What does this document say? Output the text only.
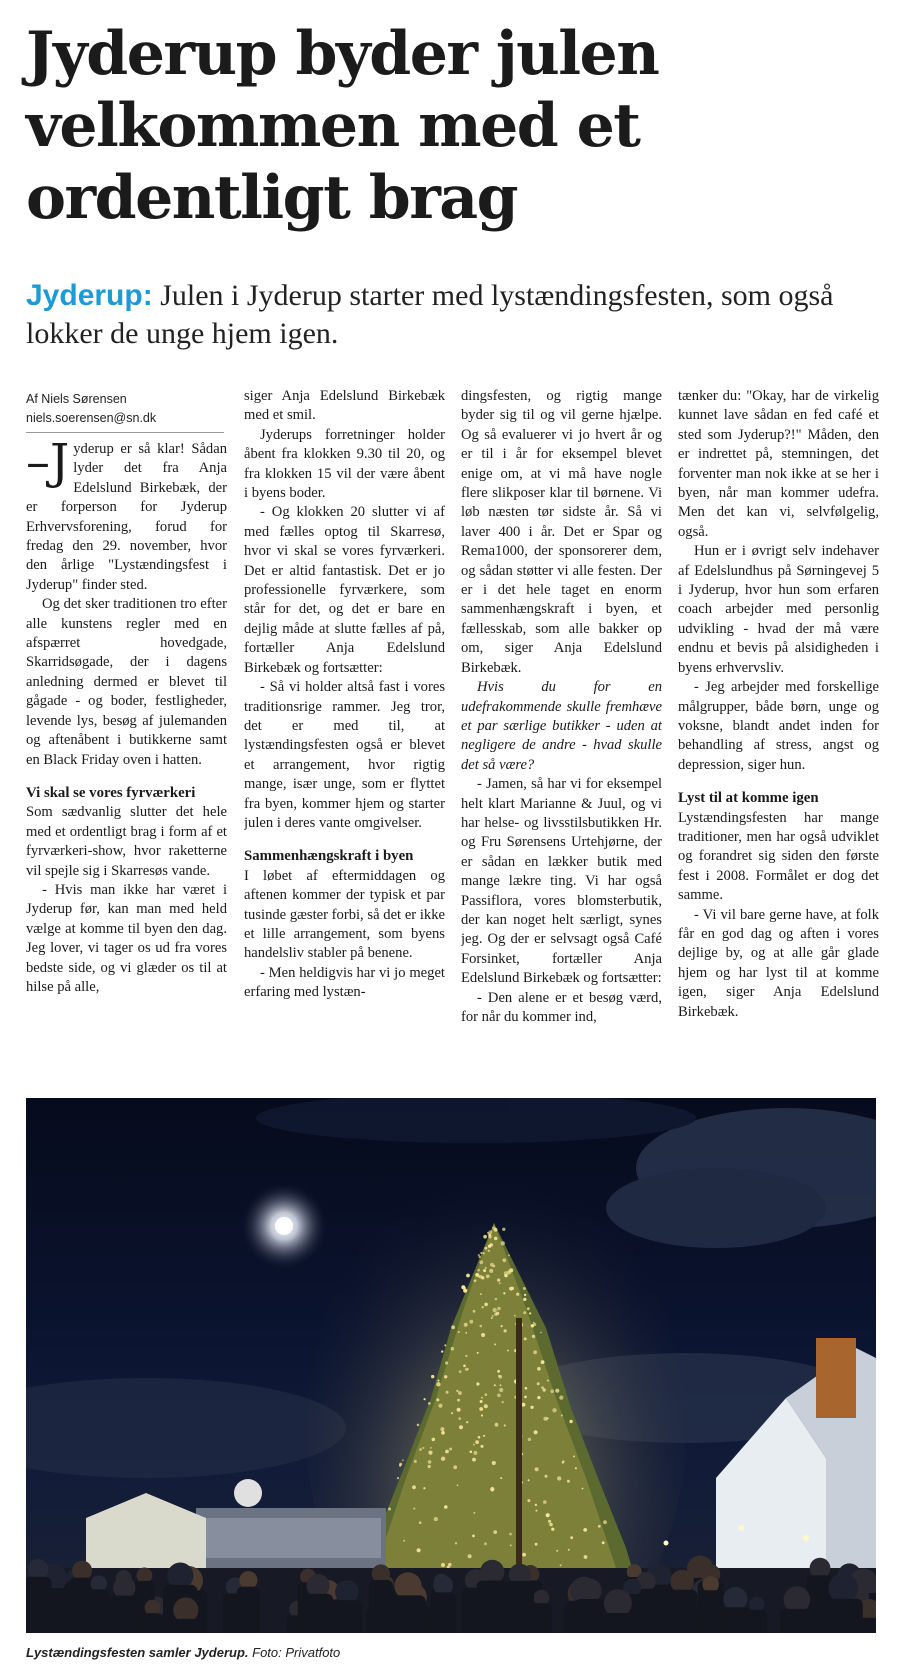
Jyderup byder julen velkommen med et ordentligt brag

Jyderup: Julen i Jyderup starter med lystændingsfesten, som også lokker de unge hjem igen.

Af Niels Sørensen
niels.soerensen@sn.dk

–J yderup er så klar! Sådan lyder det fra Anja Edelslund Birkebæk, der er forperson for Jyderup Erhvervsforening, forud for fredag den 29. november, hvor den årlige "Lystændingsfest i Jyderup" finder sted.

Og det sker traditionen tro efter alle kunstens regler med en afspærret hovedgade, Skarridsøgade, der i dagens anledning dermed er blevet til gågade - og boder, festligheder, levende lys, besøg af julemanden og aftenåbent i butikkerne samt en Black Friday oven i hatten.

Vi skal se vores fyrværkeri

Som sædvanlig slutter det hele med et ordentligt brag i form af et fyrværkeri-show, hvor raketterne vil spejle sig i Skarresøs vande.

- Hvis man ikke har været i Jyderup før, kan man med held vælge at komme til byen den dag. Jeg lover, vi tager os ud fra vores bedste side, og vi glæder os til at hilse på alle,

siger Anja Edelslund Birkebæk med et smil.

Jyderups forretninger holder åbent fra klokken 9.30 til 20, og fra klokken 15 vil der være åbent i byens boder.

- Og klokken 20 slutter vi af med fælles optog til Skarresø, hvor vi skal se vores fyrværkeri. Det er altid fantastisk. Det er jo professionelle fyrværkere, som står for det, og det er bare en dejlig måde at slutte fælles af på, fortæller Anja Edelslund Birkebæk og fortsætter:

- Så vi holder altså fast i vores traditionsrige rammer. Jeg tror, det er med til, at lystændingsfesten også er blevet et arrangement, hvor rigtig mange, især unge, som er flyttet fra byen, kommer hjem og starter julen i deres vante omgivelser.

Sammenhængskraft i byen

I løbet af eftermiddagen og aftenen kommer der typisk et par tusinde gæster forbi, så det er ikke et lille arrangement, som byens handelsliv stabler på benene.

- Men heldigvis har vi jo meget erfaring med lystæn-

dingsfesten, og rigtig mange byder sig til og vil gerne hjælpe. Og så evaluerer vi jo hvert år og er til i år for eksempel blevet enige om, at vi må have nogle flere slikposer klar til børnene. Vi løb næsten tør sidste år. Så vi laver 400 i år. Det er Spar og Rema1000, der sponsorerer dem, og sådan støtter vi alle festen. Der er i det hele taget en enorm sammenhængskraft i byen, et fællesskab, som alle bakker op om, siger Anja Edelslund Birkebæk.

Hvis du for en udefrakommende skulle fremhæve et par særlige butikker - uden at negligere de andre - hvad skulle det så være?

- Jamen, så har vi for eksempel helt klart Marianne & Juul, og vi har helse- og livsstilsbutikken Hr. og Fru Sørensens Urtehjørne, der er sådan en lækker butik med mange lækre ting. Vi har også Passiflora, vores blomsterbutik, der kan noget helt særligt, synes jeg. Og der er selvsagt også Café Forsinket, fortæller Anja Edelslund Birkebæk og fortsætter:

- Den alene er et besøg værd, for når du kommer ind,

tænker du: "Okay, har de virkelig kunnet lave sådan en fed café et sted som Jyderup?!" Måden, den er indrettet på, stemningen, det forventer man nok ikke at se her i byen, når man kommer udefra. Men det kan vi, selvfølgelig, også.

Hun er i øvrigt selv indehaver af Edelslundhus på Sørningevej 5 i Jyderup, hvor hun som erfaren coach arbejder med personlig udvikling - hvad der må være endnu et bevis på alsidigheden i byens erhvervsliv.

- Jeg arbejder med forskellige målgrupper, både børn, unge og voksne, blandt andet inden for behandling af stress, angst og depression, siger hun.

Lyst til at komme igen

Lystændingsfesten har mange traditioner, men har også udviklet og forandret sig siden den første fest i 2008. Formålet er dog det samme.

- Vi vil bare gerne have, at folk får en god dag og aften i vores dejlige by, og at alle går glade hjem og har lyst til at komme igen, siger Anja Edelslund Birkebæk.

Lystændingsfesten samler Jyderup. Foto: Privatfoto
